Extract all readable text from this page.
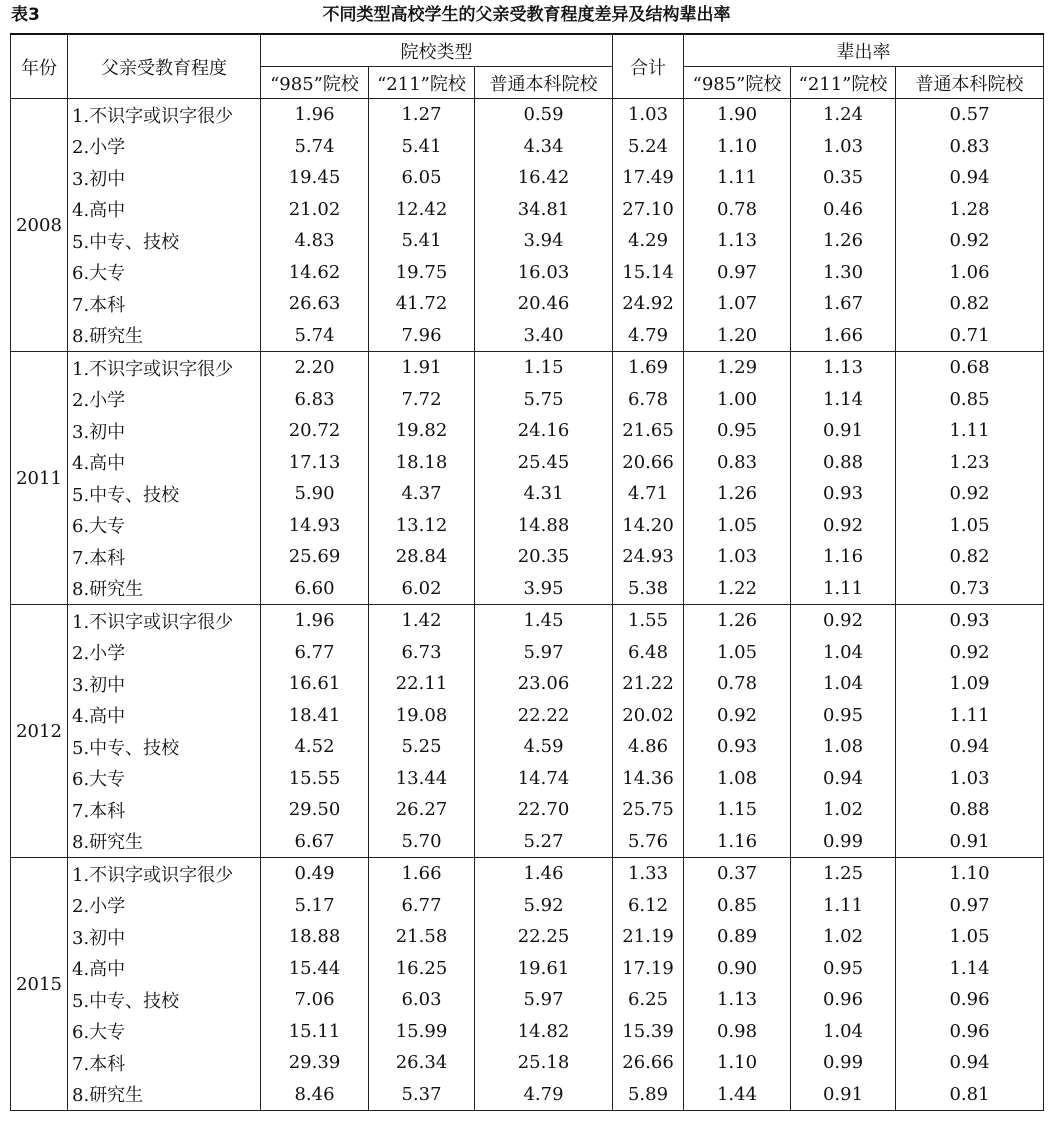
表3	不同类型高校学生的父亲受教育程度差异及结构辈出率
年份	父亲受教育程度	院校类型			合计	辈出率		
		“985”院校	“211”院校	普通本科院校		“985”院校	“211”院校	普通本科院校
2008	1.不识字或识字很少	1.96	1.27	0.59	1.03	1.90	1.24	0.57
	2.小学	5.74	5.41	4.34	5.24	1.10	1.03	0.83
	3.初中	19.45	6.05	16.42	17.49	1.11	0.35	0.94
	4.高中	21.02	12.42	34.81	27.10	0.78	0.46	1.28
	5.中专、技校	4.83	5.41	3.94	4.29	1.13	1.26	0.92
	6.大专	14.62	19.75	16.03	15.14	0.97	1.30	1.06
	7.本科	26.63	41.72	20.46	24.92	1.07	1.67	0.82
	8.研究生	5.74	7.96	3.40	4.79	1.20	1.66	0.71
2011	1.不识字或识字很少	2.20	1.91	1.15	1.69	1.29	1.13	0.68
	2.小学	6.83	7.72	5.75	6.78	1.00	1.14	0.85
	3.初中	20.72	19.82	24.16	21.65	0.95	0.91	1.11
	4.高中	17.13	18.18	25.45	20.66	0.83	0.88	1.23
	5.中专、技校	5.90	4.37	4.31	4.71	1.26	0.93	0.92
	6.大专	14.93	13.12	14.88	14.20	1.05	0.92	1.05
	7.本科	25.69	28.84	20.35	24.93	1.03	1.16	0.82
	8.研究生	6.60	6.02	3.95	5.38	1.22	1.11	0.73
2012	1.不识字或识字很少	1.96	1.42	1.45	1.55	1.26	0.92	0.93
	2.小学	6.77	6.73	5.97	6.48	1.05	1.04	0.92
	3.初中	16.61	22.11	23.06	21.22	0.78	1.04	1.09
	4.高中	18.41	19.08	22.22	20.02	0.92	0.95	1.11
	5.中专、技校	4.52	5.25	4.59	4.86	0.93	1.08	0.94
	6.大专	15.55	13.44	14.74	14.36	1.08	0.94	1.03
	7.本科	29.50	26.27	22.70	25.75	1.15	1.02	0.88
	8.研究生	6.67	5.70	5.27	5.76	1.16	0.99	0.91
2015	1.不识字或识字很少	0.49	1.66	1.46	1.33	0.37	1.25	1.10
	2.小学	5.17	6.77	5.92	6.12	0.85	1.11	0.97
	3.初中	18.88	21.58	22.25	21.19	0.89	1.02	1.05
	4.高中	15.44	16.25	19.61	17.19	0.90	0.95	1.14
	5.中专、技校	7.06	6.03	5.97	6.25	1.13	0.96	0.96
	6.大专	15.11	15.99	14.82	15.39	0.98	1.04	0.96
	7.本科	29.39	26.34	25.18	26.66	1.10	0.99	0.94
	8.研究生	8.46	5.37	4.79	5.89	1.44	0.91	0.81
